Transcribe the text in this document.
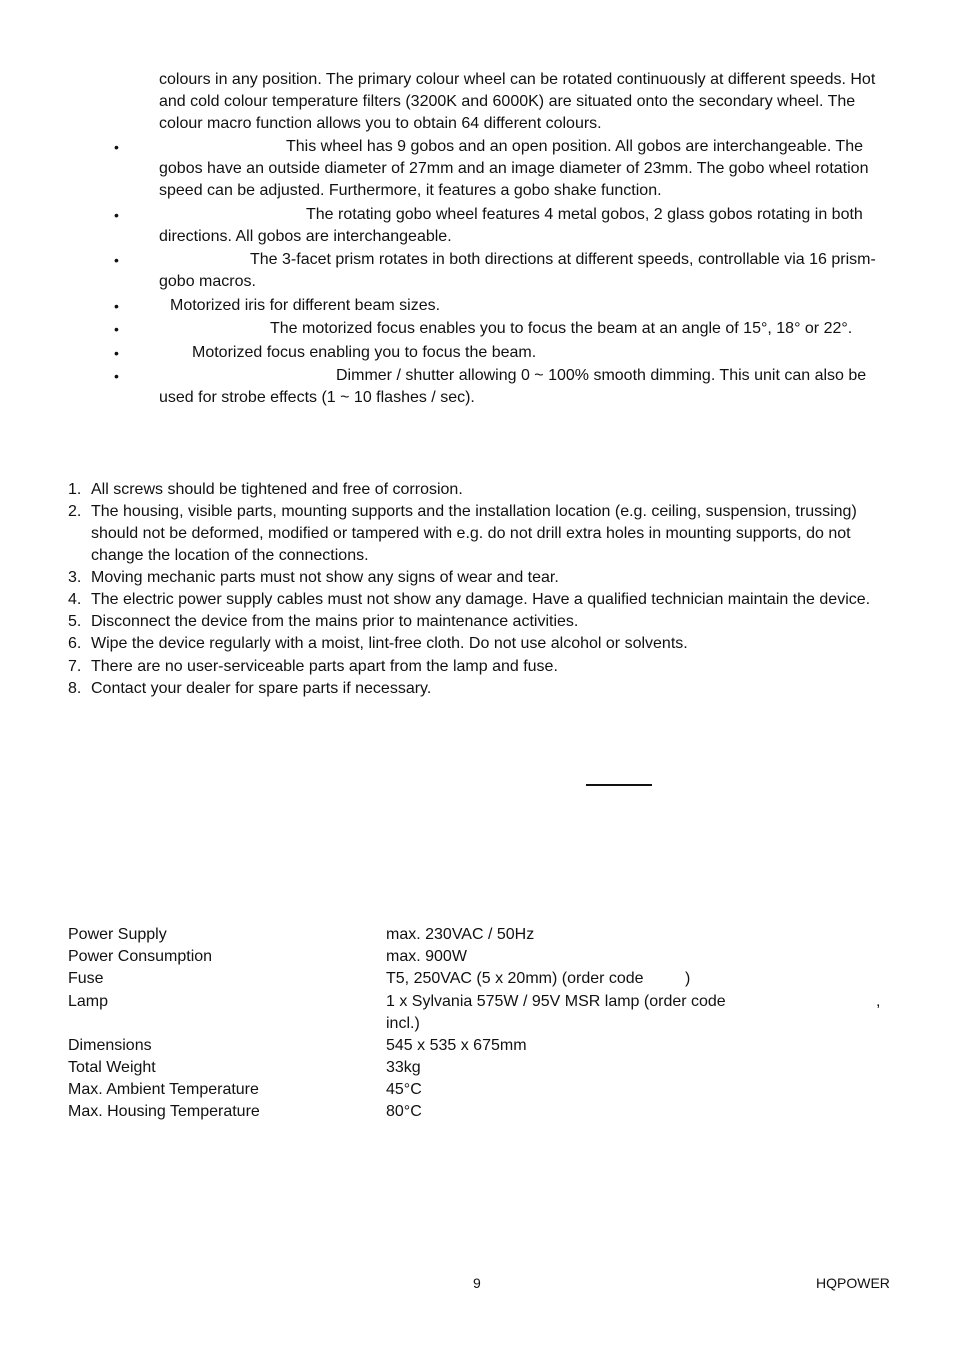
colours in any position. The primary colour wheel can be rotated continuously at different speeds. Hot
and cold colour temperature filters (3200K and 6000K) are situated onto the secondary wheel. The
colour macro function allows you to obtain 64 different colours.
•	This wheel has 9 gobos and an open position. All gobos are interchangeable. The
gobos have an outside diameter of 27mm and an image diameter of 23mm. The gobo wheel rotation
speed can be adjusted. Furthermore, it features a gobo shake function.
•	The rotating gobo wheel features 4 metal gobos, 2 glass gobos rotating in both
directions. All gobos are interchangeable.
•	The 3-facet prism rotates in both directions at different speeds, controllable via 16 prism-
gobo macros.
•	Motorized iris for different beam sizes.
•	The motorized focus enables you to focus the beam at an angle of 15°, 18° or 22°.
•	Motorized focus enabling you to focus the beam.
•	Dimmer / shutter allowing 0 ~ 100% smooth dimming. This unit can also be
used for strobe effects (1 ~ 10 flashes / sec).
1. All screws should be tightened and free of corrosion.
2. The housing, visible parts, mounting supports and the installation location (e.g. ceiling, suspension, trussing)
should not be deformed, modified or tampered with e.g. do not drill extra holes in mounting supports, do not
change the location of the connections.
3. Moving mechanic parts must not show any signs of wear and tear.
4. The electric power supply cables must not show any damage. Have a qualified technician maintain the device.
5. Disconnect the device from the mains prior to maintenance activities.
6. Wipe the device regularly with a moist, lint-free cloth. Do not use alcohol or solvents.
7. There are no user-serviceable parts apart from the lamp and fuse.
8. Contact your dealer for spare parts if necessary.
Power Supply	max. 230VAC / 50Hz
Power Consumption	max. 900W
Fuse	T5, 250VAC (5 x 20mm) (order code	)
Lamp	1 x Sylvania 575W / 95V MSR lamp (order code	,
incl.)
Dimensions	545 x 535 x 675mm
Total Weight	33kg
Max. Ambient Temperature	45°C
Max. Housing Temperature	80°C
9	HQPOWER
